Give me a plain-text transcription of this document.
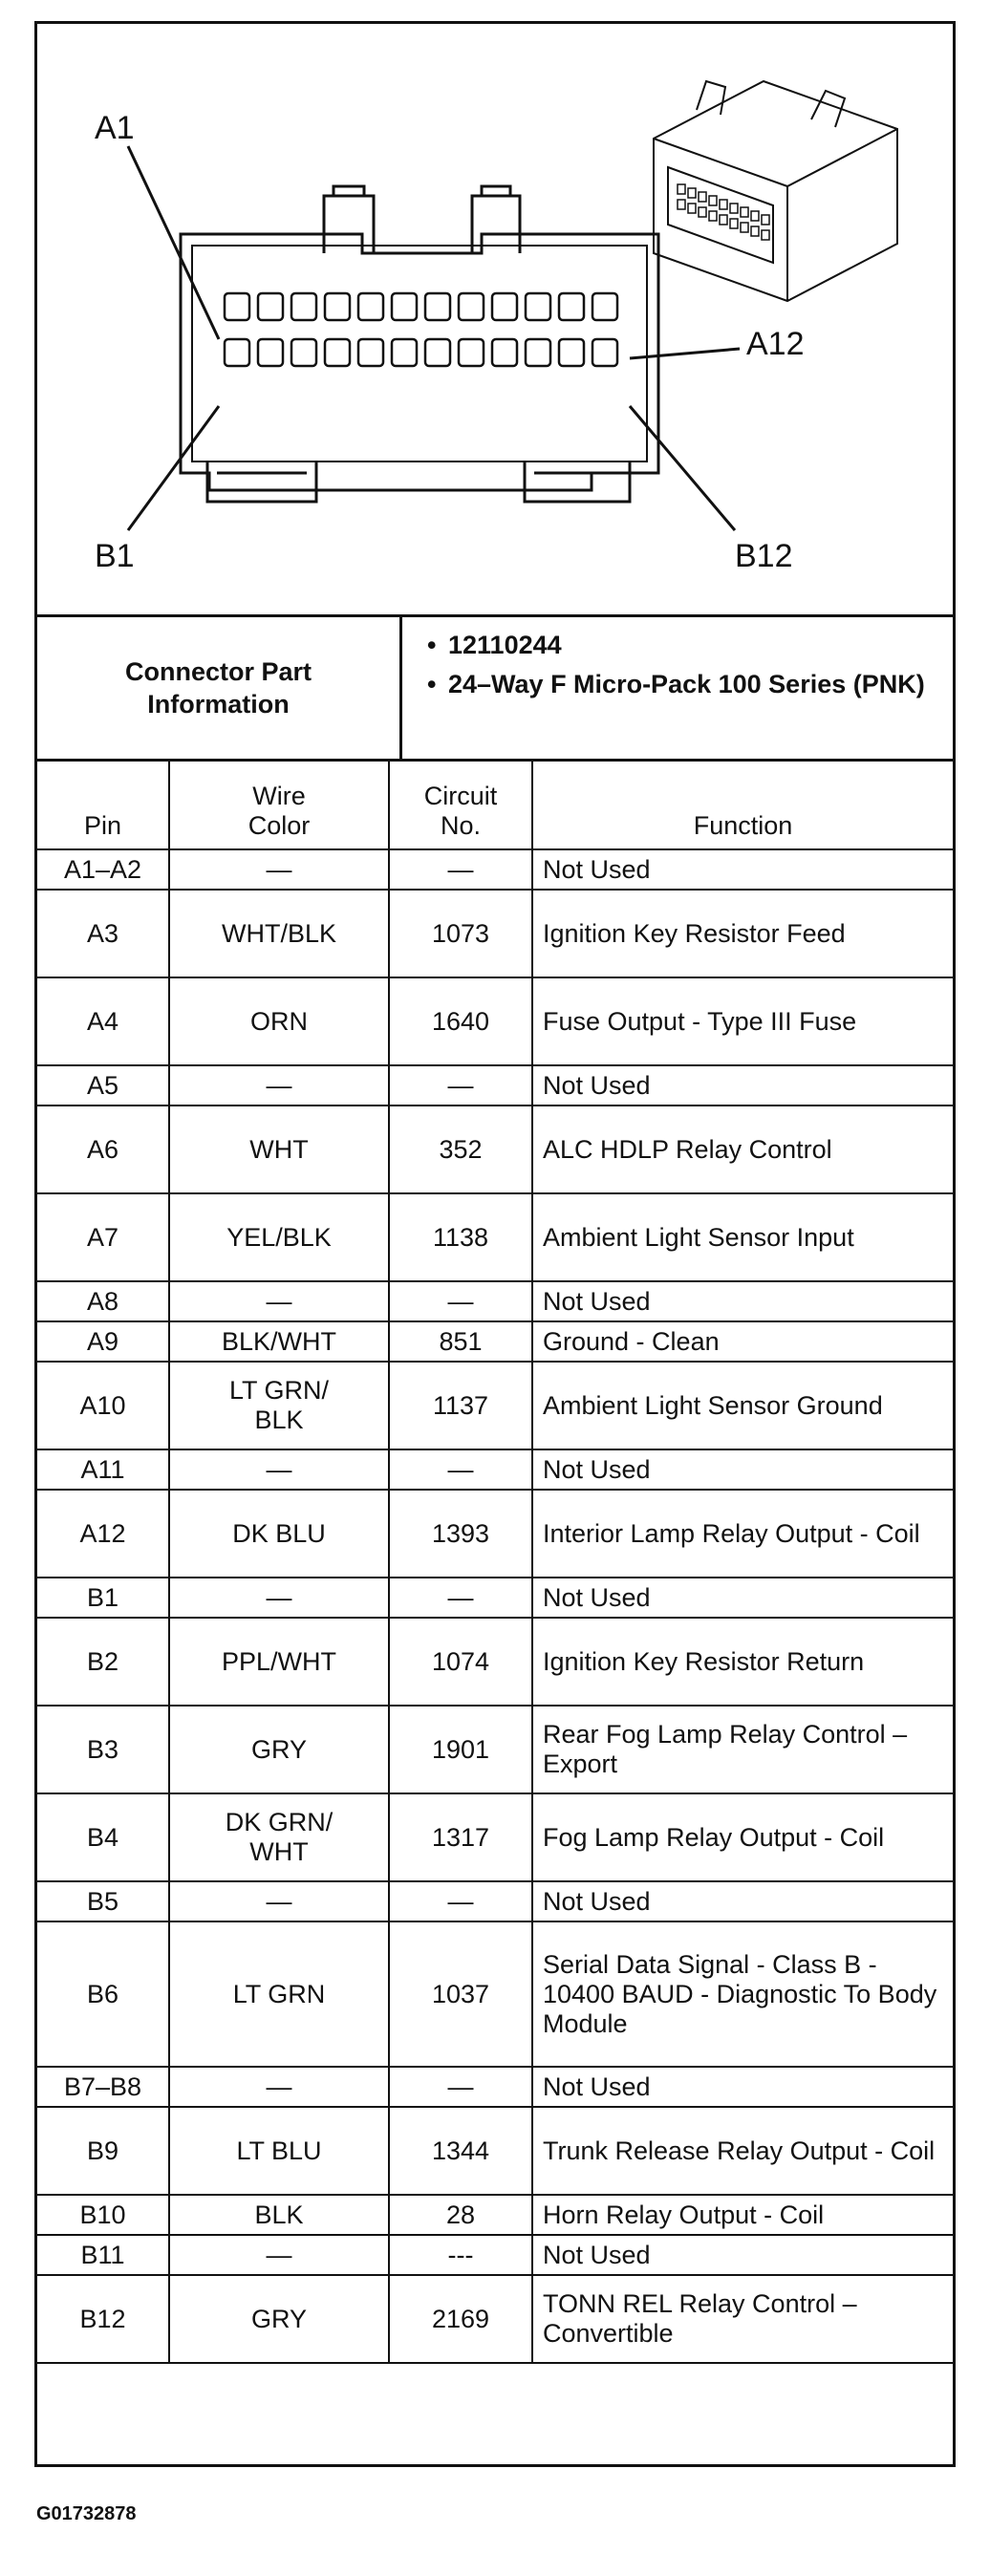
A1
A12
B1	B12
Connector Part Information
• 12110244
• 24–Way F Micro-Pack 100 Series (PNK)
Pin	Wire Color	Circuit No.	Function
A1–A2	—	—	Not Used
A3	WHT/BLK	1073	Ignition Key Resistor Feed
A4	ORN	1640	Fuse Output - Type III Fuse
A5	—	—	Not Used
A6	WHT	352	ALC HDLP Relay Control
A7	YEL/BLK	1138	Ambient Light Sensor Input
A8	—	—	Not Used
A9	BLK/WHT	851	Ground - Clean
A10	LT GRN/ BLK	1137	Ambient Light Sensor Ground
A11	—	—	Not Used
A12	DK BLU	1393	Interior Lamp Relay Output - Coil
B1	—	—	Not Used
B2	PPL/WHT	1074	Ignition Key Resistor Return
B3	GRY	1901	Rear Fog Lamp Relay Control – Export
B4	DK GRN/ WHT	1317	Fog Lamp Relay Output - Coil
B5	—	—	Not Used
B6	LT GRN	1037	Serial Data Signal - Class B - 10400 BAUD - Diagnostic To Body Module
B7–B8	—	—	Not Used
B9	LT BLU	1344	Trunk Release Relay Output - Coil
B10	BLK	28	Horn Relay Output - Coil
B11	—	---	Not Used
B12	GRY	2169	TONN REL Relay Control – Convertible
G01732878
